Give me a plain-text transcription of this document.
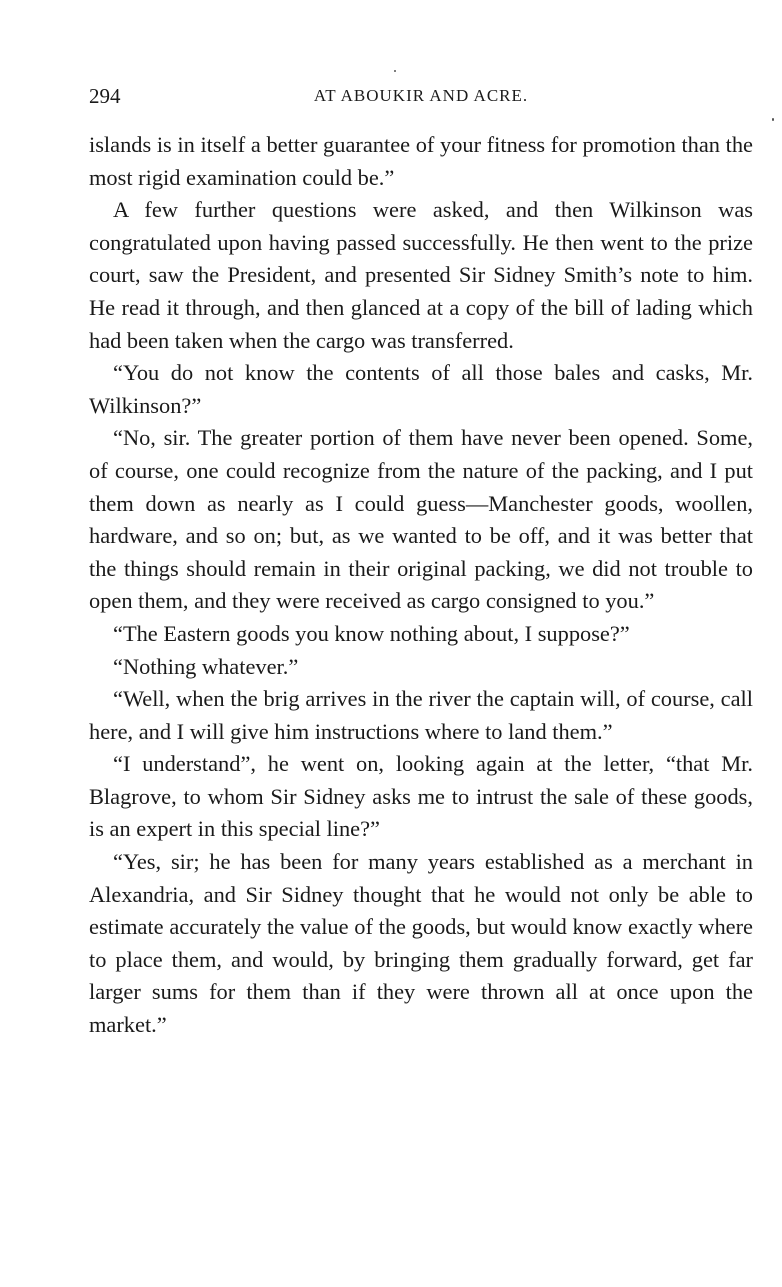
294	AT ABOUKIR AND ACRE.

islands is in itself a better guarantee of your fitness for promotion than the most rigid examination could be.”

A few further questions were asked, and then Wilkinson was congratulated upon having passed successfully. He then went to the prize court, saw the President, and presented Sir Sidney Smith’s note to him. He read it through, and then glanced at a copy of the bill of lading which had been taken when the cargo was transferred.

“You do not know the contents of all those bales and casks, Mr. Wilkinson?”

“No, sir. The greater portion of them have never been opened. Some, of course, one could recognize from the nature of the packing, and I put them down as nearly as I could guess—Manchester goods, woollen, hardware, and so on; but, as we wanted to be off, and it was better that the things should remain in their original packing, we did not trouble to open them, and they were received as cargo consigned to you.”

“The Eastern goods you know nothing about, I suppose?”

“Nothing whatever.”

“Well, when the brig arrives in the river the captain will, of course, call here, and I will give him instructions where to land them.”

“I understand”, he went on, looking again at the letter, “that Mr. Blagrove, to whom Sir Sidney asks me to intrust the sale of these goods, is an expert in this special line?”

“Yes, sir; he has been for many years established as a merchant in Alexandria, and Sir Sidney thought that he would not only be able to estimate accurately the value of the goods, but would know exactly where to place them, and would, by bringing them gradually forward, get far larger sums for them than if they were thrown all at once upon the market.”
